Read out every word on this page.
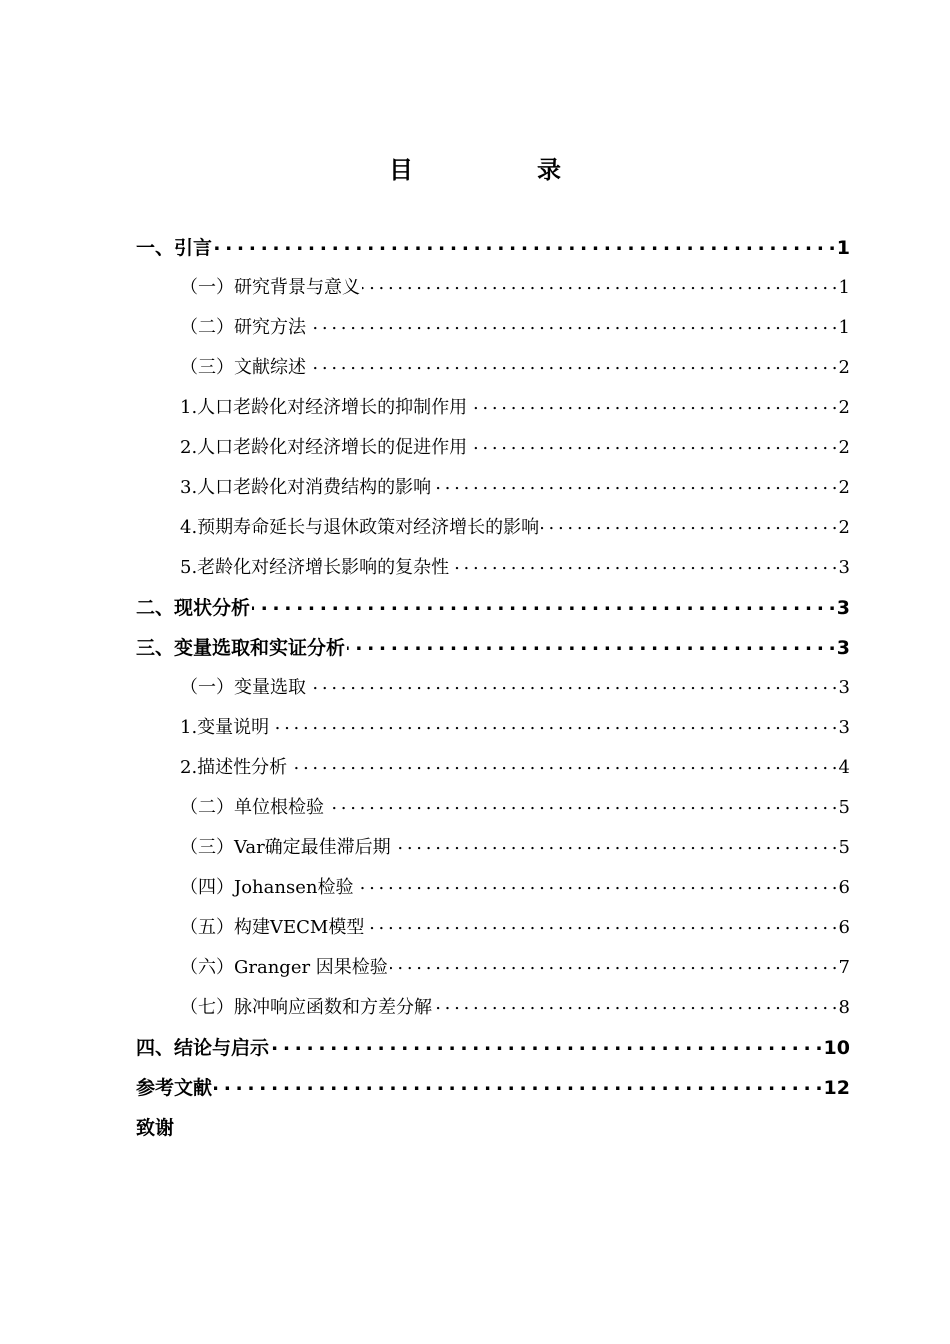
目　录
一、引言 . . .	1
（一）研究背景与意义 . . .	1
（二）研究方法 . . .	1
（三）文献综述 . . .	2
1.人口老龄化对经济增长的抑制作用 . . .	2
2.人口老龄化对经济增长的促进作用 . . .	2
3.人口老龄化对消费结构的影响 . . .	2
4.预期寿命延长与退休政策对经济增长的影响 . . .	2
5.老龄化对经济增长影响的复杂性 . . .	3
二、现状分析 . . .	3
三、变量选取和实证分析 . . .	3
（一）变量选取 . . .	3
1.变量说明 . . .	3
2.描述性分析 . . .	4
（二）单位根检验 . . .	5
（三）Var确定最佳滞后期 . . .	5
（四）Johansen检验 . . .	6
（五）构建VECM模型 . . .	6
（六）Granger 因果检验 . . .	7
（七）脉冲响应函数和方差分解 . . .	8
四、结论与启示 . . .	10
参考文献 . . .	12
致谢
